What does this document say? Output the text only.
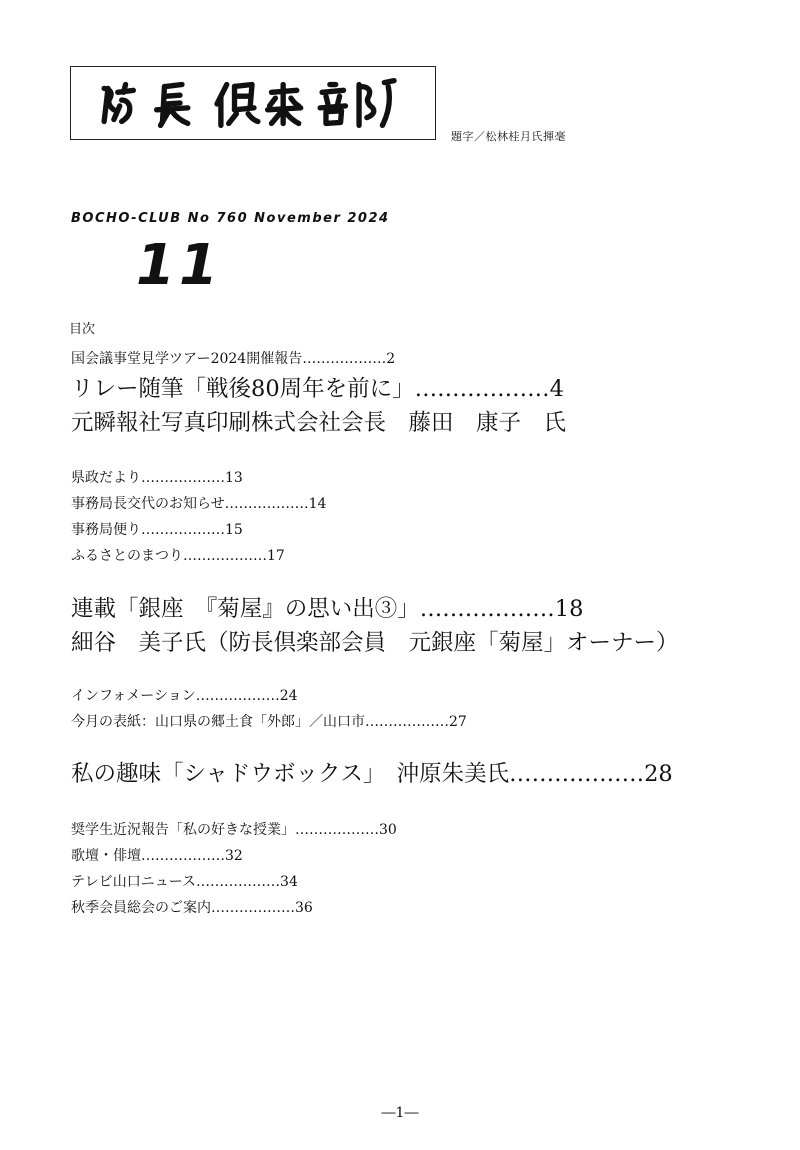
題字／松林桂月氏揮毫
BOCHO-CLUB No 760 November 2024
11
目次
国会議事堂見学ツアー2024開催報告………………2
リレー随筆「戦後80周年を前に」………………4
元瞬報社写真印刷株式会社会長　藤田　康子　氏
県政だより………………13
事務局長交代のお知らせ………………14
事務局便り………………15
ふるさとのまつり………………17
連載「銀座　『菊屋』の思い出③」………………18
細谷　美子氏（防長倶楽部会員　元銀座「菊屋」オーナー）
インフォメーション………………24
今月の表紙：山口県の郷土食「外郎」／山口市………………27
私の趣味「シャドウボックス」　沖原朱美氏………………28
奨学生近況報告「私の好きな授業」………………30
歌壇・俳壇………………32
テレビ山口ニュース………………34
秋季会員総会のご案内………………36
―1―
